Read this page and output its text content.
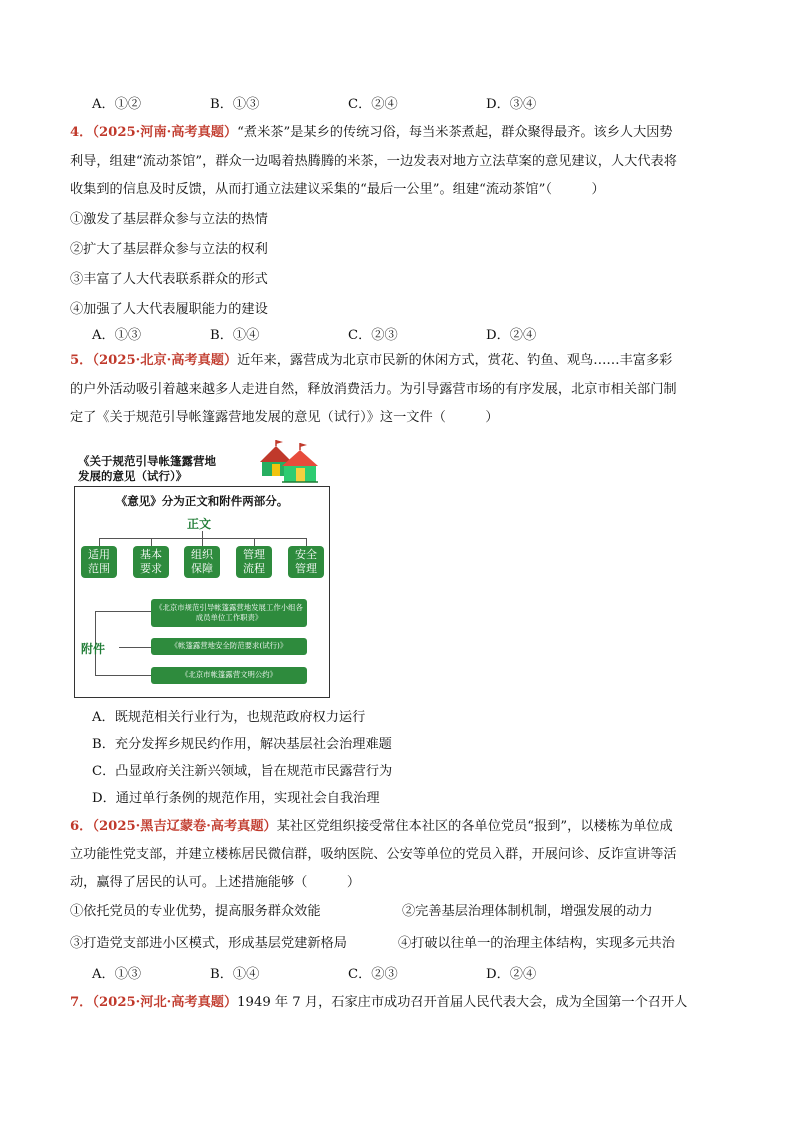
A．①②	B．①③	C．②④	D．③④
4．（2025·河南·高考真题）“煮米茶”是某乡的传统习俗，每当米茶煮起，群众聚得最齐。该乡人大因势
利导，组建“流动茶馆”，群众一边喝着热腾腾的米茶，一边发表对地方立法草案的意见建议，人大代表将
收集到的信息及时反馈，从而打通立法建议采集的“最后一公里”。组建“流动茶馆”（　　　）
①激发了基层群众参与立法的热情
②扩大了基层群众参与立法的权利
③丰富了人大代表联系群众的形式
④加强了人大代表履职能力的建设
A．①③	B．①④	C．②③	D．②④
5．（2025·北京·高考真题）近年来，露营成为北京市民新的休闲方式，赏花、钓鱼、观鸟……丰富多彩
的户外活动吸引着越来越多人走进自然，释放消费活力。为引导露营市场的有序发展，北京市相关部门制
定了《关于规范引导帐篷露营地发展的意见（试行）》这一文件（　　　）
《关于规范引导帐篷露营地
发展的意见（试行）》
《意见》分为正文和附件两部分。
正文
适用
范围
基本
要求
组织
保障
管理
流程
安全
管理
附件
《北京市规范引导帐篷露营地发展工作小组各成员单位工作职责》
《帐篷露营地安全防范要求(试行)》
《北京市帐篷露营文明公约》
A．既规范相关行业行为，也规范政府权力运行
B．充分发挥乡规民约作用，解决基层社会治理难题
C．凸显政府关注新兴领域，旨在规范市民露营行为
D．通过单行条例的规范作用，实现社会自我治理
6．（2025·黑吉辽蒙卷·高考真题）某社区党组织接受常住本社区的各单位党员“报到”，以楼栋为单位成
立功能性党支部，并建立楼栋居民微信群，吸纳医院、公安等单位的党员入群，开展问诊、反诈宣讲等活
动，赢得了居民的认可。上述措施能够（　　　）
①依托党员的专业优势，提高服务群众效能	②完善基层治理体制机制，增强发展的动力
③打造党支部进小区模式，形成基层党建新格局	④打破以往单一的治理主体结构，实现多元共治
A．①③	B．①④	C．②③	D．②④
7．（2025·河北·高考真题）1949 年 7 月，石家庄市成功召开首届人民代表大会，成为全国第一个召开人
